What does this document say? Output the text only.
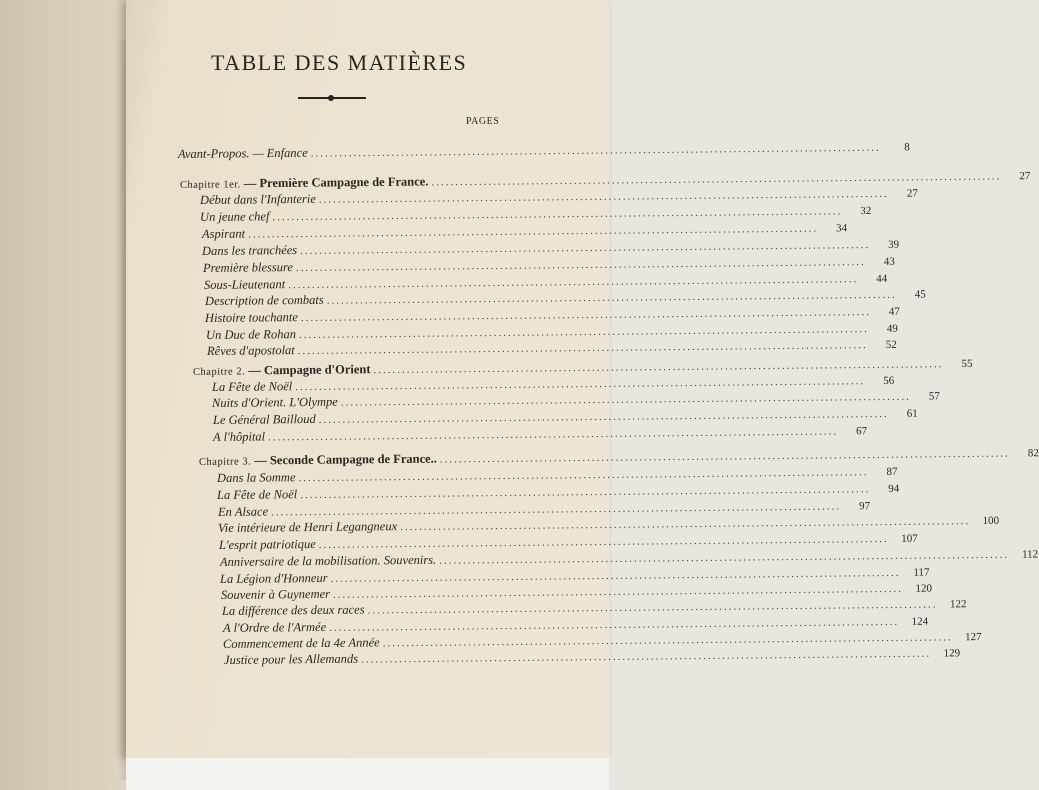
TABLE DES MATIÈRES
PAGES
Avant-Propos. — Enfance ........................................................................................................................	8
Chapitre 1er. — Première Campagne de France. ........................................................................................................................	27
Début dans l'Infanterie ........................................................................................................................	27
Un jeune chef ........................................................................................................................	32
Aspirant ........................................................................................................................	34
Dans les tranchées ........................................................................................................................	39
Première blessure ........................................................................................................................	43
Sous-Lieutenant ........................................................................................................................	44
Description de combats ........................................................................................................................	45
Histoire touchante ........................................................................................................................	47
Un Duc de Rohan ........................................................................................................................	49
Rêves d'apostolat ........................................................................................................................	52
Chapitre 2. — Campagne d'Orient ........................................................................................................................	55
La Fête de Noël ........................................................................................................................	56
Nuits d'Orient. L'Olympe ........................................................................................................................	57
Le Général Bailloud ........................................................................................................................	61
A l'hôpital ........................................................................................................................	67
Chapitre 3. — Seconde Campagne de France.. ........................................................................................................................	82
Dans la Somme ........................................................................................................................	87
La Fête de Noël ........................................................................................................................	94
En Alsace ........................................................................................................................	97
Vie intérieure de Henri Legangneux ........................................................................................................................	100
L'esprit patriotique ........................................................................................................................	107
Anniversaire de la mobilisation. Souvenirs. ........................................................................................................................	112
La Légion d'Honneur ........................................................................................................................	117
Souvenir à Guynemer ........................................................................................................................	120
La différence des deux races ........................................................................................................................	122
A l'Ordre de l'Armée ........................................................................................................................	124
Commencement de la 4e Année ........................................................................................................................	127
Justice pour les Allemands ........................................................................................................................	129
